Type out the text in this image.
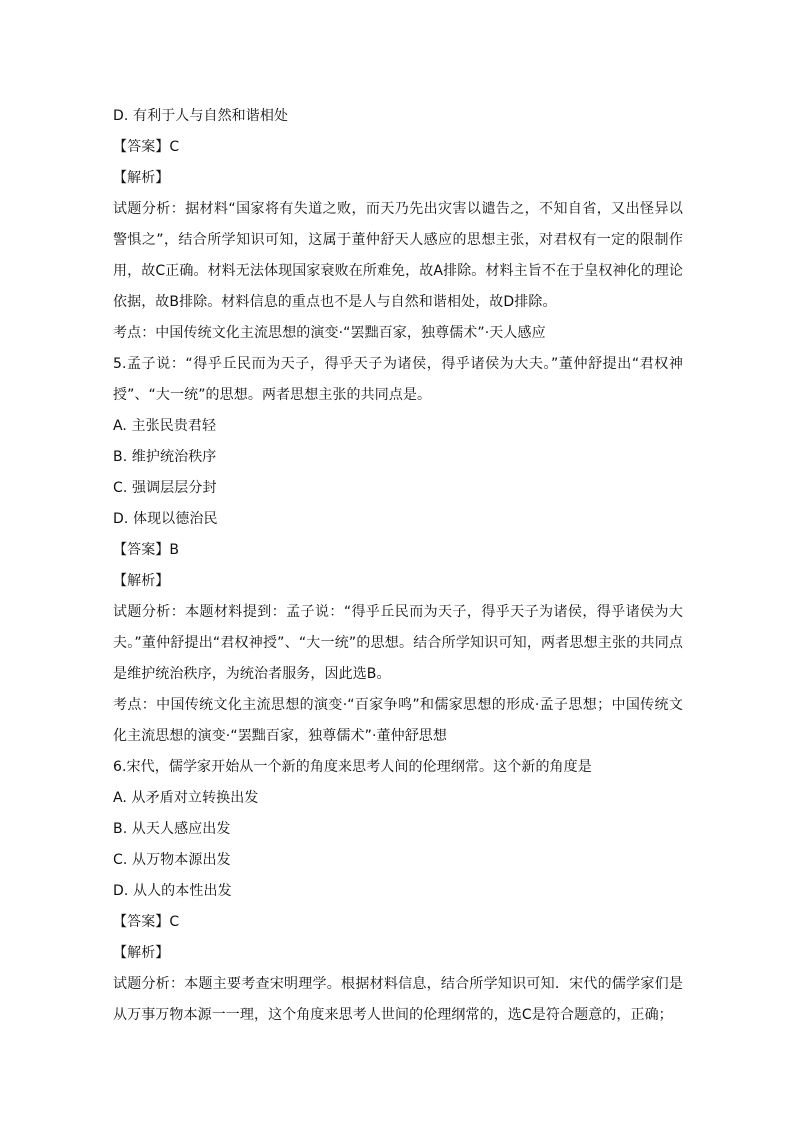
D. 有利于人与自然和谐相处
【答案】C
【解析】
试题分析：据材料“国家将有失道之败，而天乃先出灾害以谴告之，不知自省，又出怪异以警惧之”，结合所学知识可知，这属于董仲舒天人感应的思想主张，对君权有一定的限制作用，故C正确。材料无法体现国家衰败在所难免，故A排除。材料主旨不在于皇权神化的理论依据，故B排除。材料信息的重点也不是人与自然和谐相处，故D排除。
考点：中国传统文化主流思想的演变·“罢黜百家，独尊儒术”·天人感应
5.孟子说：“得乎丘民而为天子，得乎天子为诸侯，得乎诸侯为大夫。”董仲舒提出“君权神授”、“大一统”的思想。两者思想主张的共同点是。
A. 主张民贵君轻
B. 维护统治秩序
C. 强调层层分封
D. 体现以德治民
【答案】B
【解析】
试题分析：本题材料提到：孟子说：“得乎丘民而为天子，得乎天子为诸侯，得乎诸侯为大夫。”董仲舒提出“君权神授”、“大一统”的思想。结合所学知识可知，两者思想主张的共同点是维护统治秩序，为统治者服务，因此选B。
考点：中国传统文化主流思想的演变·“百家争鸣”和儒家思想的形成·孟子思想；中国传统文化主流思想的演变·“罢黜百家，独尊儒术”·董仲舒思想
6.宋代，儒学家开始从一个新的角度来思考人间的伦理纲常。这个新的角度是
A. 从矛盾对立转换出发
B. 从天人感应出发
C. 从万物本源出发
D. 从人的本性出发
【答案】C
【解析】
试题分析：本题主要考查宋明理学。根据材料信息，结合所学知识可知．宋代的儒学家们是从万事万物本源一一理，这个角度来思考人世间的伦理纲常的，选C是符合题意的，正确；
